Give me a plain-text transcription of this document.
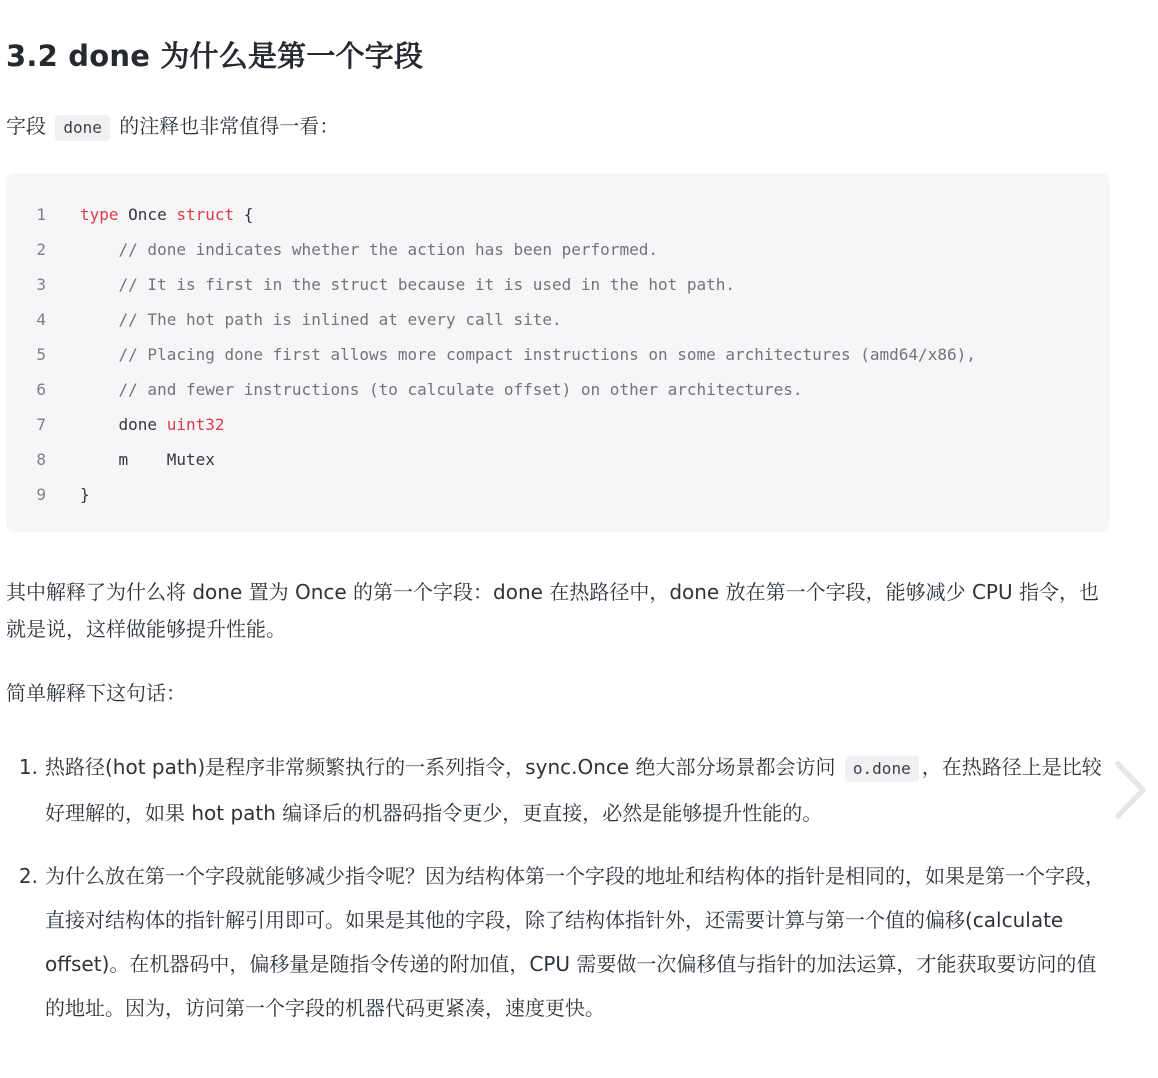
3.2 done 为什么是第一个字段

字段 done 的注释也非常值得一看：

1 type Once struct {
2 // done indicates whether the action has been performed.
3 // It is first in the struct because it is used in the hot path.
4 // The hot path is inlined at every call site.
5 // Placing done first allows more compact instructions on some architectures (amd64/x86),
6 // and fewer instructions (to calculate offset) on other architectures.
7 done uint32
8 m    Mutex
9 }

其中解释了为什么将 done 置为 Once 的第一个字段：done 在热路径中，done 放在第一个字段，能够减少 CPU 指令，也就是说，这样做能够提升性能。

简单解释下这句话：

1. 热路径(hot path)是程序非常频繁执行的一系列指令，sync.Once 绝大部分场景都会访问 o.done ，在热路径上是比较好理解的，如果 hot path 编译后的机器码指令更少，更直接，必然是能够提升性能的。
2. 为什么放在第一个字段就能够减少指令呢？因为结构体第一个字段的地址和结构体的指针是相同的，如果是第一个字段，直接对结构体的指针解引用即可。如果是其他的字段，除了结构体指针外，还需要计算与第一个值的偏移(calculate offset)。在机器码中，偏移量是随指令传递的附加值，CPU 需要做一次偏移值与指针的加法运算，才能获取要访问的值的地址。因为，访问第一个字段的机器代码更紧凑，速度更快。
